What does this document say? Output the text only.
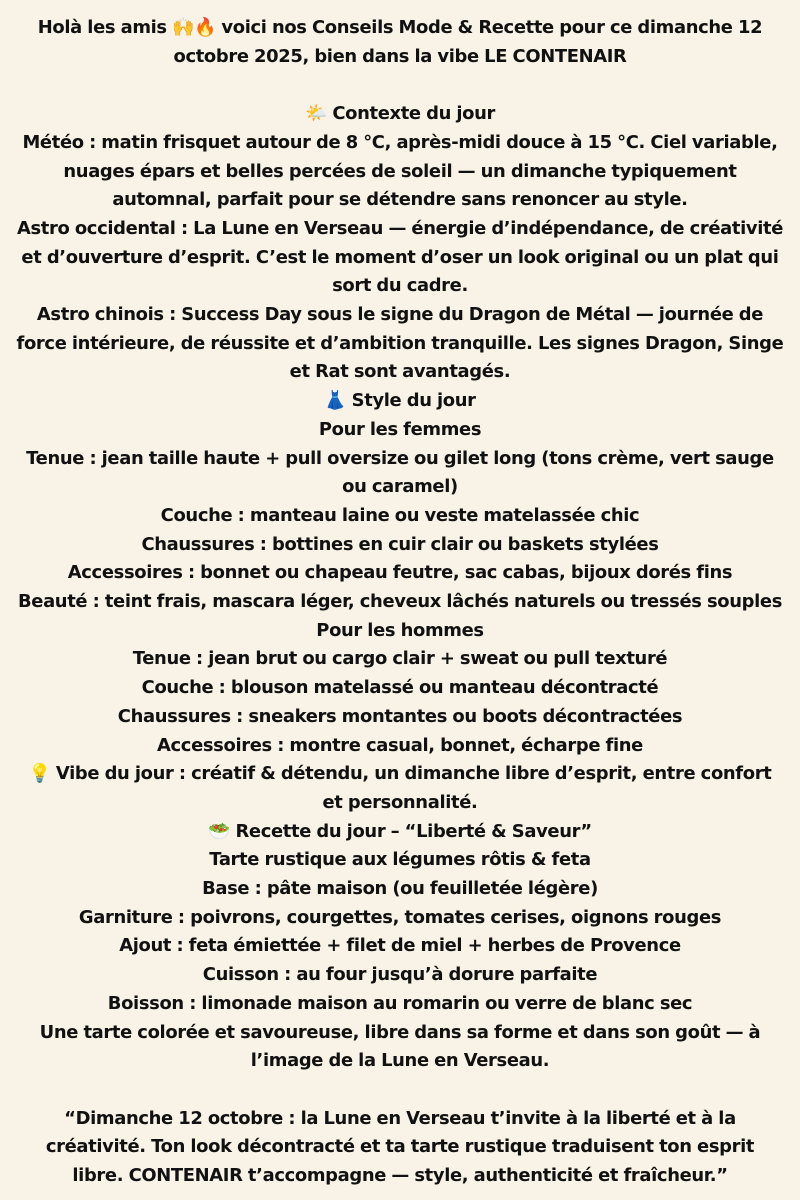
Holà les amis 🙌🔥 voici nos Conseils Mode & Recette pour ce dimanche 12
octobre 2025, bien dans la vibe LE CONTENAIR
🌤️ Contexte du jour
Météo : matin frisquet autour de 8 °C, après-midi douce à 15 °C. Ciel variable,
nuages épars et belles percées de soleil — un dimanche typiquement
automnal, parfait pour se détendre sans renoncer au style.
Astro occidental : La Lune en Verseau — énergie d’indépendance, de créativité
et d’ouverture d’esprit. C’est le moment d’oser un look original ou un plat qui
sort du cadre.
Astro chinois : Success Day sous le signe du Dragon de Métal — journée de
force intérieure, de réussite et d’ambition tranquille. Les signes Dragon, Singe
et Rat sont avantagés.
👗 Style du jour
Pour les femmes
Tenue : jean taille haute + pull oversize ou gilet long (tons crème, vert sauge
ou caramel)
Couche : manteau laine ou veste matelassée chic
Chaussures : bottines en cuir clair ou baskets stylées
Accessoires : bonnet ou chapeau feutre, sac cabas, bijoux dorés fins
Beauté : teint frais, mascara léger, cheveux lâchés naturels ou tressés souples
Pour les hommes
Tenue : jean brut ou cargo clair + sweat ou pull texturé
Couche : blouson matelassé ou manteau décontracté
Chaussures : sneakers montantes ou boots décontractées
Accessoires : montre casual, bonnet, écharpe fine
💡 Vibe du jour : créatif & détendu, un dimanche libre d’esprit, entre confort
et personnalité.
🥗 Recette du jour – “Liberté & Saveur”
Tarte rustique aux légumes rôtis & feta
Base : pâte maison (ou feuilletée légère)
Garniture : poivrons, courgettes, tomates cerises, oignons rouges
Ajout : feta émiettée + filet de miel + herbes de Provence
Cuisson : au four jusqu’à dorure parfaite
Boisson : limonade maison au romarin ou verre de blanc sec
Une tarte colorée et savoureuse, libre dans sa forme et dans son goût — à
l’image de la Lune en Verseau.
“Dimanche 12 octobre : la Lune en Verseau t’invite à la liberté et à la
créativité. Ton look décontracté et ta tarte rustique traduisent ton esprit
libre. CONTENAIR t’accompagne — style, authenticité et fraîcheur.”
